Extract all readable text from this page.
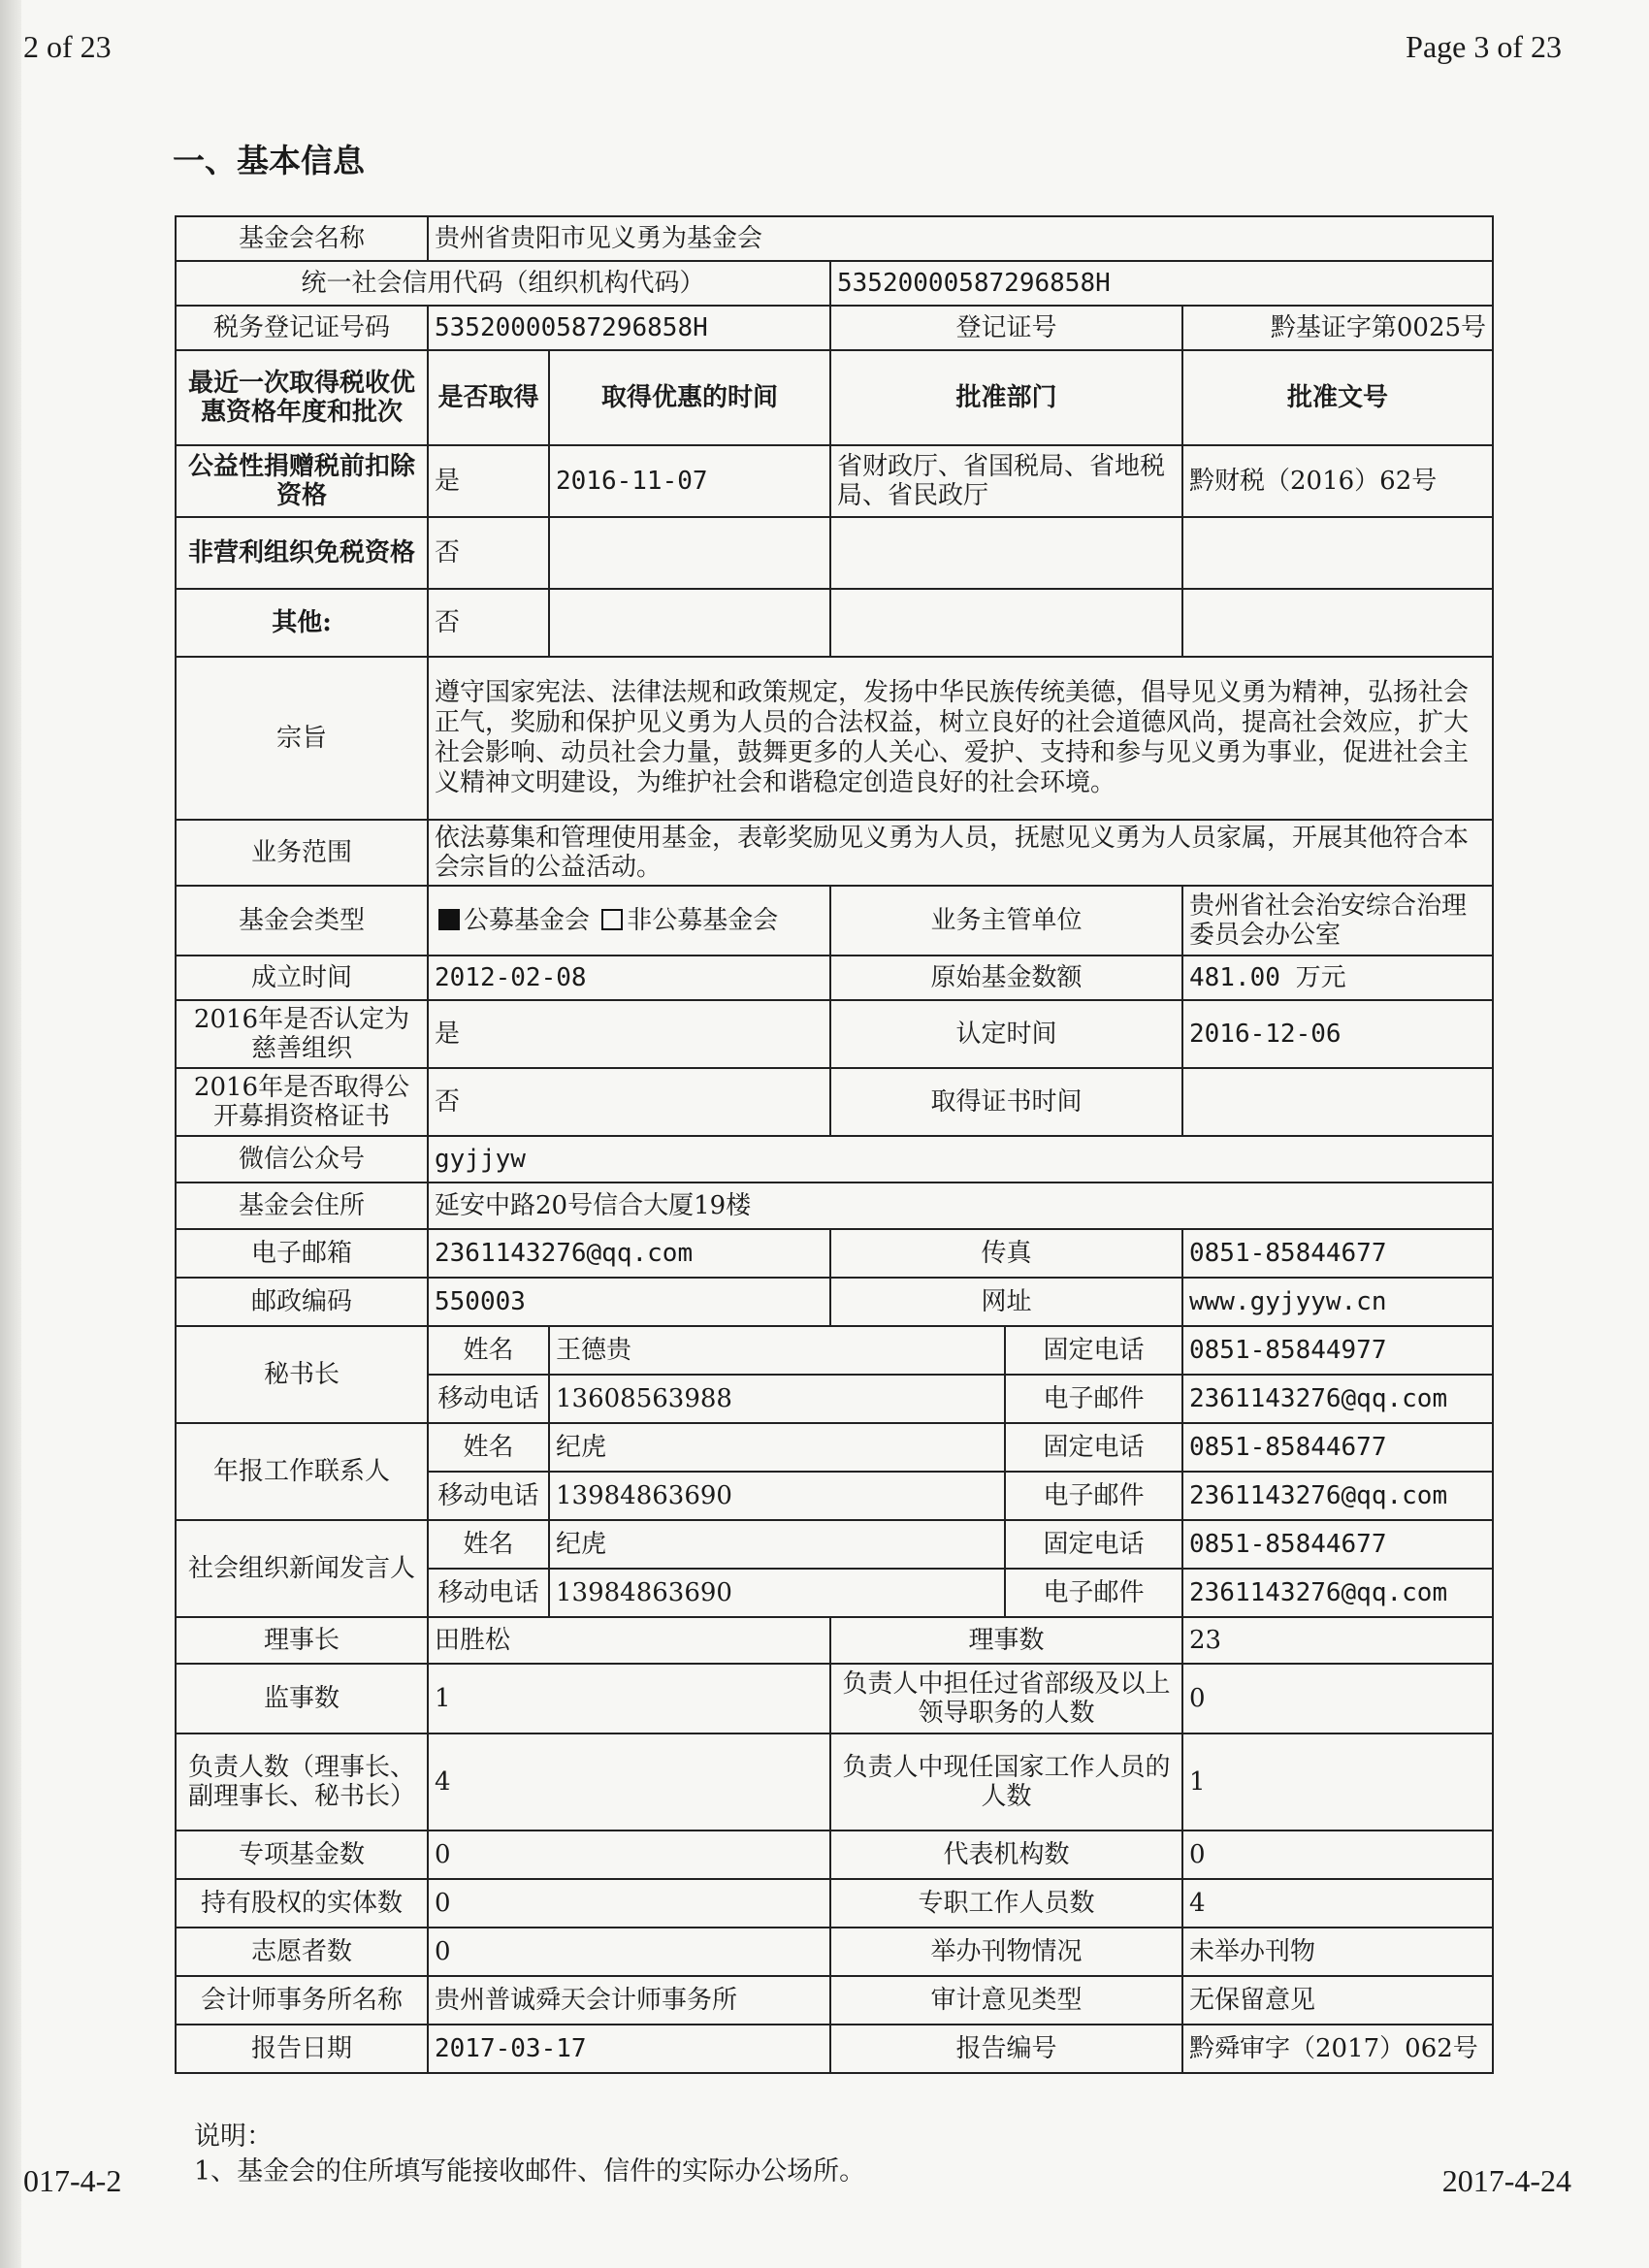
2 of 23	Page 3 of 23
一、基本信息
基金会名称	贵州省贵阳市见义勇为基金会				
统一社会信用代码（组织机构代码）			53520000587296858H		
税务登记证号码	53520000587296858H		登记证号		黔基证字第0025号
最近一次取得税收优惠资格年度和批次	是否取得	取得优惠的时间	批准部门		批准文号
公益性捐赠税前扣除资格	是	2016-11-07	省财政厅、省国税局、省地税局、省民政厅		黔财税（2016）62号
非营利组织免税资格	否				
其他:	否				
宗旨	遵守国家宪法、法律法规和政策规定，发扬中华民族传统美德，倡导见义勇为精神，弘扬社会正气，奖励和保护见义勇为人员的合法权益，树立良好的社会道德风尚，提高社会效应，扩大社会影响、动员社会力量，鼓舞更多的人关心、爱护、支持和参与见义勇为事业，促进社会主义精神文明建设，为维护社会和谐稳定创造良好的社会环境。				
业务范围	依法募集和管理使用基金，表彰奖励见义勇为人员，抚慰见义勇为人员家属，开展其他符合本会宗旨的公益活动。				
基金会类型	公募基金会 非公募基金会		业务主管单位		贵州省社会治安综合治理委员会办公室
成立时间	2012-02-08		原始基金数额		481.00 万元
2016年是否认定为慈善组织	是		认定时间		2016-12-06
2016年是否取得公开募捐资格证书	否		取得证书时间		
微信公众号	gyjjyw				
基金会住所	延安中路20号信合大厦19楼				
电子邮箱	2361143276@qq.com		传真		0851-85844677
邮政编码	550003		网址		www.gyjyyw.cn
秘书长	姓名	王德贵		固定电话	0851-85844977
	移动电话	13608563988		电子邮件	2361143276@qq.com
年报工作联系人	姓名	纪虎		固定电话	0851-85844677
	移动电话	13984863690		电子邮件	2361143276@qq.com
社会组织新闻发言人	姓名	纪虎		固定电话	0851-85844677
	移动电话	13984863690		电子邮件	2361143276@qq.com
理事长	田胜松		理事数		23
监事数	1		负责人中担任过省部级及以上领导职务的人数		0
负责人数（理事长、副理事长、秘书长）	4		负责人中现任国家工作人员的人数		1
专项基金数	0		代表机构数		0
持有股权的实体数	0		专职工作人员数		4
志愿者数	0		举办刊物情况		未举办刊物
会计师事务所名称	贵州普诚舜天会计师事务所		审计意见类型		无保留意见
报告日期	2017-03-17		报告编号		黔舜审字（2017）062号
说明：
1、基金会的住所填写能接收邮件、信件的实际办公场所。
017-4-2	2017-4-24
